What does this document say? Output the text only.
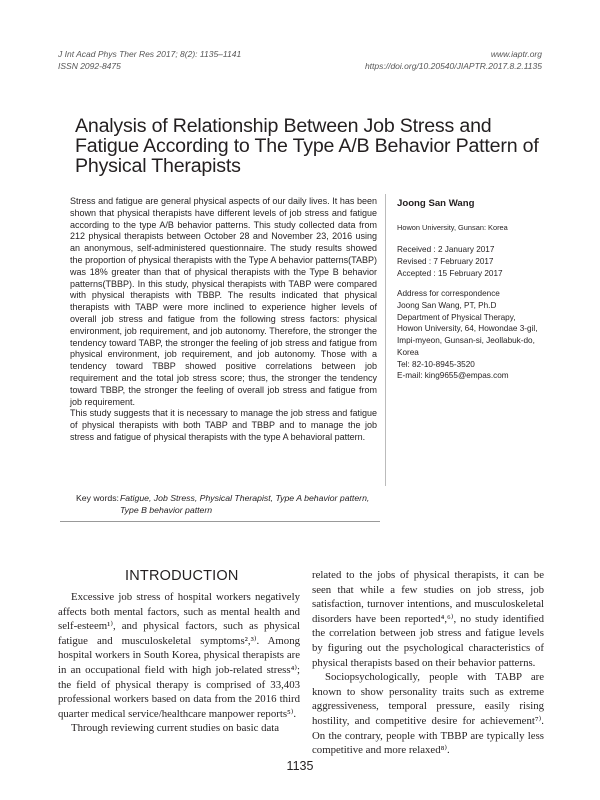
J Int Acad Phys Ther Res 2017; 8(2): 1135–1141
ISSN 2092-8475
www.iaptr.org
https://doi.org/10.20540/JIAPTR.2017.8.2.1135
Analysis of Relationship Between Job Stress and Fatigue According to The Type A/B Behavior Pattern of Physical Therapists

Stress and fatigue are general physical aspects of our daily lives. It has been shown that physical therapists have different levels of job stress and fatigue according to the type A/B behavior patterns. This study collected data from 212 physical therapists between October 28 and November 23, 2016 using an anonymous, self-administered questionnaire. The study results showed the proportion of physical therapists with the Type A behavior patterns(TABP) was 18% greater than that of physical therapists with the Type B behavior patterns(TBBP). In this study, physical therapists with TABP were compared with physical therapists with TBBP. The results indicated that physical therapists with TABP were more inclined to experience higher levels of overall job stress and fatigue from the following stress factors: physical environment, job requirement, and job autonomy. Therefore, the stronger the tendency toward TABP, the stronger the feeling of job stress and fatigue from physical environment, job requirement, and job autonomy. Those with a tendency toward TBBP showed positive correlations between job requirement and the total job stress score; thus, the stronger the tendency toward TBBP, the stronger the feeling of overall job stress and fatigue from job requirement.

This study suggests that it is necessary to manage the job stress and fatigue of physical therapists with both TABP and TBBP and to manage the job stress and fatigue of physical therapists with the type A behavioral pattern.

Joong San Wang
Howon University, Gunsan: Korea
Received : 2 January 2017
Revised : 7 February 2017
Accepted : 15 February 2017
Address for correspondence
Joong San Wang, PT, Ph.D
Department of Physical Therapy,
Howon University, 64, Howondae 3-gil,
Impi-myeon, Gunsan-si, Jeollabuk-do,
Korea
Tel: 82-10-8945-3520
E-mail: king9655@empas.com
Key words: Fatigue, Job Stress, Physical Therapist, Type A behavior pattern, Type B behavior pattern
INTRODUCTION

Excessive job stress of hospital workers negatively affects both mental factors, such as mental health and self-esteem¹⁾, and physical factors, such as physical fatigue and musculoskeletal symptoms²,³⁾. Among hospital workers in South Korea, physical therapists are in an occupational field with high job-related stress⁴⁾; the field of physical therapy is comprised of 33,403 professional workers based on data from the 2016 third quarter medical service/healthcare manpower reports⁵⁾.

Through reviewing current studies on basic data

related to the jobs of physical therapists, it can be seen that while a few studies on job stress, job satisfaction, turnover intentions, and musculoskeletal disorders have been reported⁴,⁶⁾, no study identified the correlation between job stress and fatigue levels by figuring out the psychological characteristics of physical therapists based on their behavior patterns.

Sociopsychologically, people with TABP are known to show personality traits such as extreme aggressiveness, temporal pressure, easily rising hostility, and competitive desire for achievement⁷⁾. On the contrary, people with TBBP are typically less competitive and more relaxed⁸⁾.

1135
